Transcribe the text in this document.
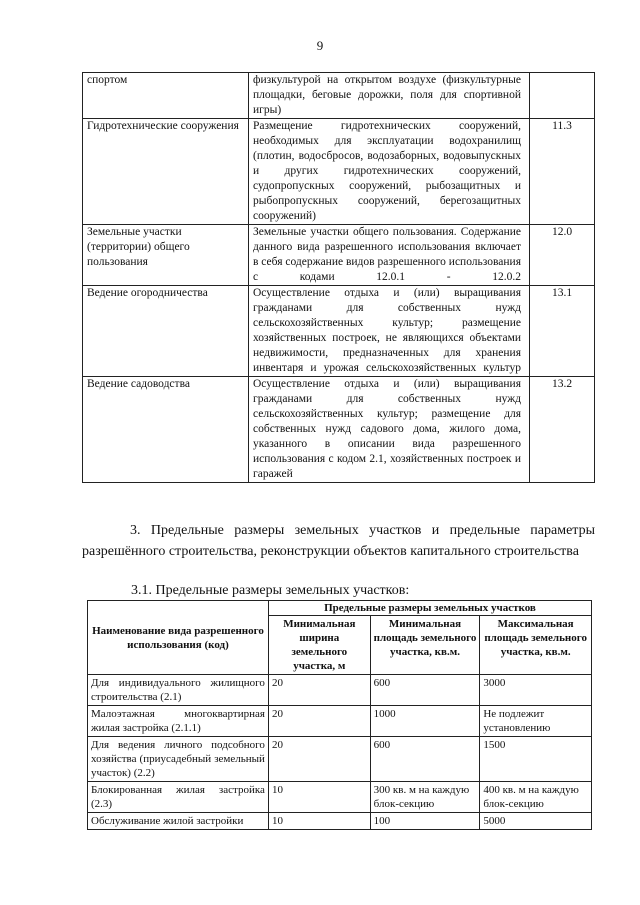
9
спортом	физкультурой на открытом воздухе (физкультурные площадки, беговые дорожки, поля для спортивной игры)	
Гидротехнические сооружения	Размещение гидротехнических сооружений, необходимых для эксплуатации водохранилищ (плотин, водосбросов, водозаборных, водовыпускных и других гидротехнических сооружений, судопропускных сооружений, рыбозащитных и рыбопропускных сооружений, берегозащитных сооружений)	11.3
Земельные участки (территории) общего пользования	Земельные участки общего пользования. Содержание данного вида разрешенного использования включает в себя содержание видов разрешенного использования с кодами 12.0.1 - 12.0.2	12.0
Ведение огородничества	Осуществление отдыха и (или) выращивания гражданами для собственных нужд сельскохозяйственных культур; размещение хозяйственных построек, не являющихся объектами недвижимости, предназначенных для хранения инвентаря и урожая сельскохозяйственных культур	13.1
Ведение садоводства	Осуществление отдыха и (или) выращивания гражданами для собственных нужд сельскохозяйственных культур; размещение для собственных нужд садового дома, жилого дома, указанного в описании вида разрешенного использования с кодом 2.1, хозяйственных построек и гаражей	13.2
3. Предельные размеры земельных участков и предельные параметры разрешённого строительства, реконструкции объектов капитального строительства
3.1. Предельные размеры земельных участков:
Наименование вида разрешенного использования (код)	Предельные размеры земельных участков		
	Минимальная ширина земельного участка, м	Минимальная площадь земельного участка, кв.м.	Максимальная площадь земельного участка, кв.м.
Для индивидуального жилищного строительства (2.1)	20	600	3000
Малоэтажная многоквартирная жилая застройка (2.1.1)	20	1000	Не подлежит установлению
Для ведения личного подсобного хозяйства (приусадебный земельный участок) (2.2)	20	600	1500
Блокированная жилая застройка (2.3)	10	300 кв. м на каждую блок-секцию	400 кв. м на каждую блок-секцию
Обслуживание жилой застройки	10	100	5000
